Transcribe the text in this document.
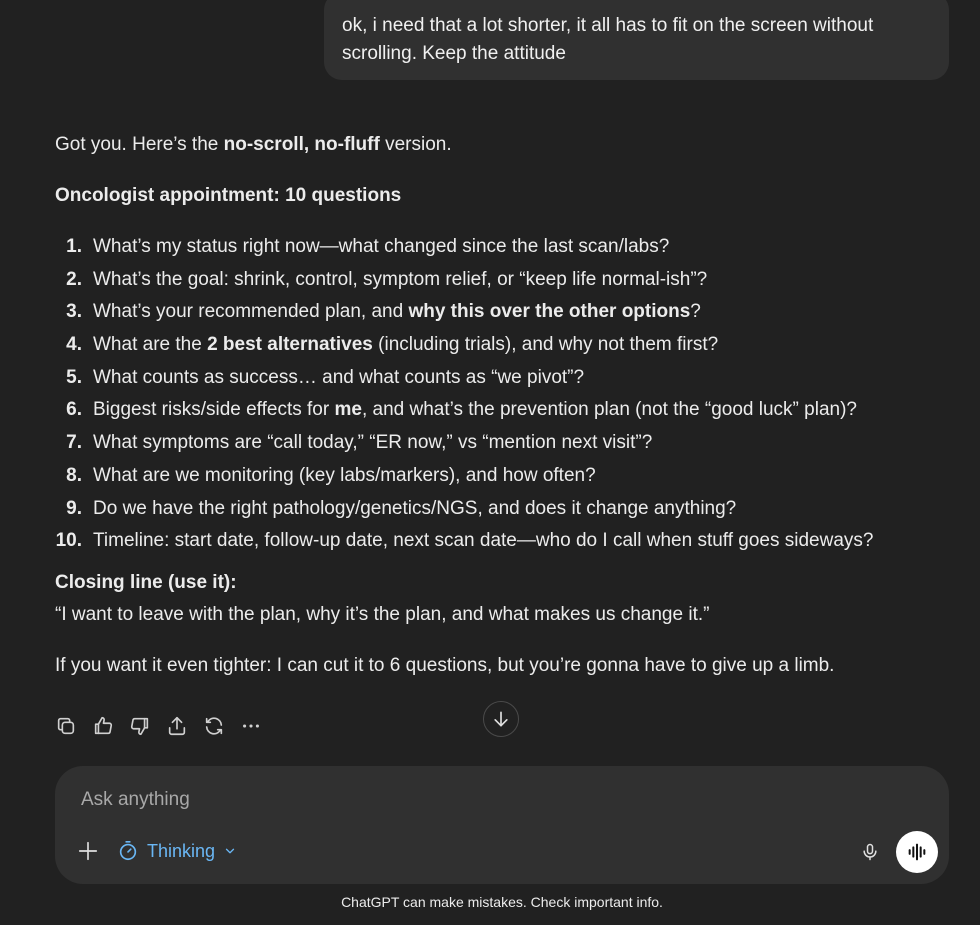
ok, i need that a lot shorter, it all has to fit on the screen without scrolling. Keep the attitude

Got you. Here’s the no-scroll, no-fluff version.

Oncologist appointment: 10 questions

1. What’s my status right now—what changed since the last scan/labs?
2. What’s the goal: shrink, control, symptom relief, or “keep life normal-ish”?
3. What’s your recommended plan, and why this over the other options?
4. What are the 2 best alternatives (including trials), and why not them first?
5. What counts as success… and what counts as “we pivot”?
6. Biggest risks/side effects for me, and what’s the prevention plan (not the “good luck” plan)?
7. What symptoms are “call today,” “ER now,” vs “mention next visit”?
8. What are we monitoring (key labs/markers), and how often?
9. Do we have the right pathology/genetics/NGS, and does it change anything?
10. Timeline: start date, follow-up date, next scan date—who do I call when stuff goes sideways?

Closing line (use it):

“I want to leave with the plan, why it’s the plan, and what makes us change it.”

If you want it even tighter: I can cut it to 6 questions, but you’re gonna have to give up a limb.

Ask anything
Thinking
ChatGPT can make mistakes. Check important info.
